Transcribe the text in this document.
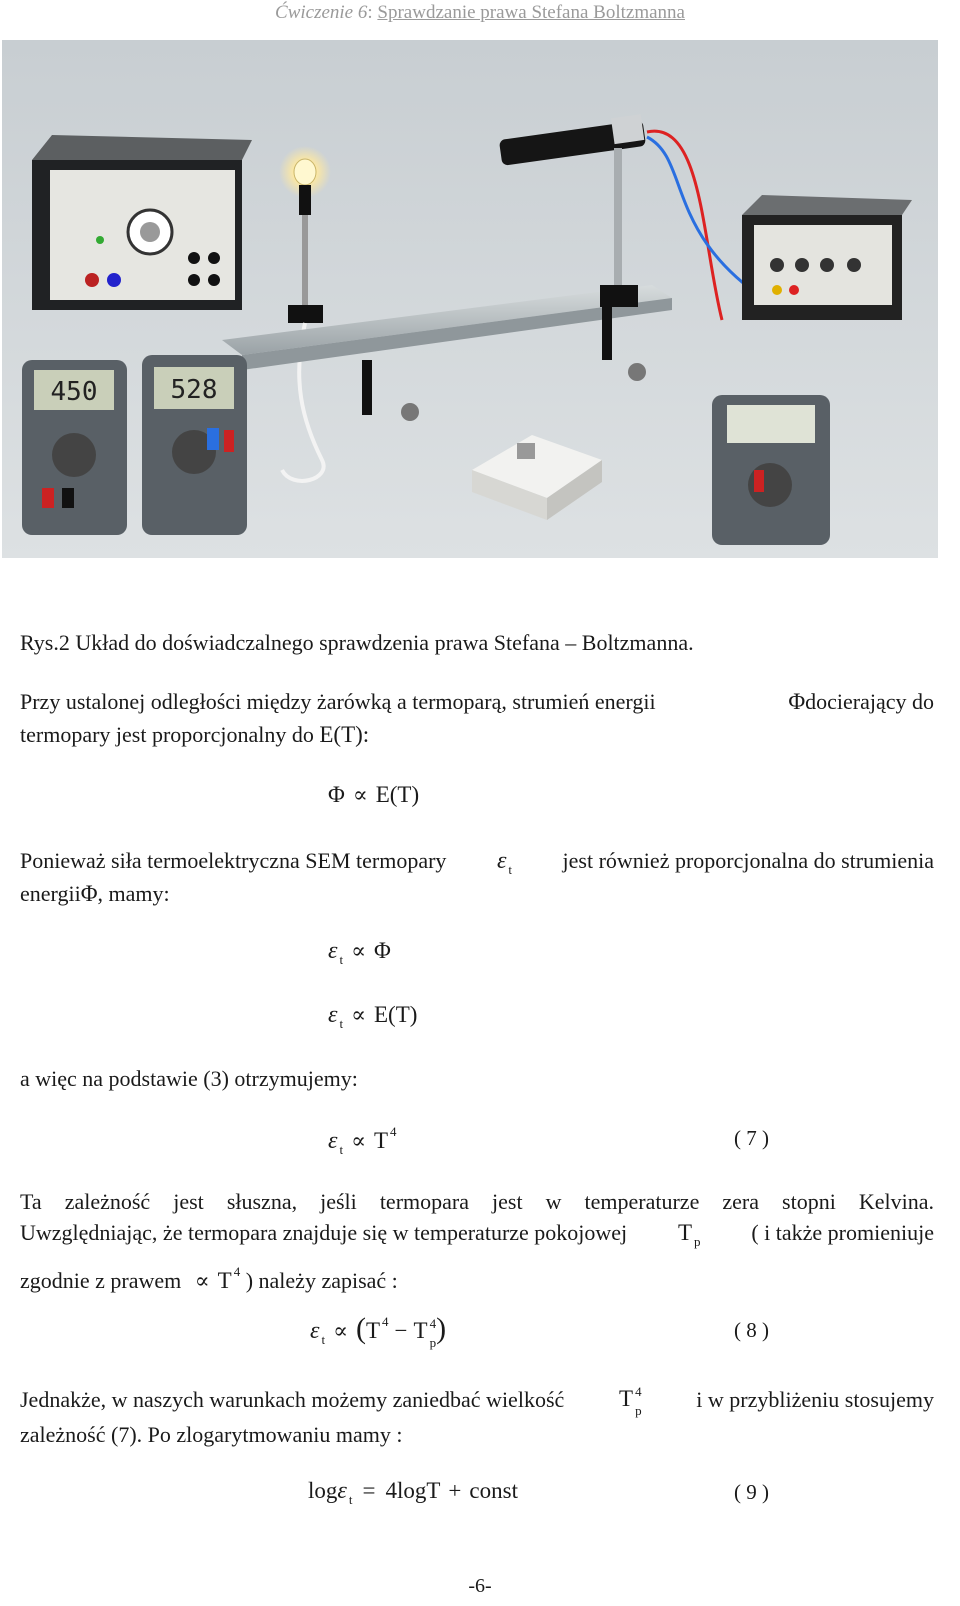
Ćwiczenie 6: Sprawdzanie prawa Stefana Boltzmanna
450	528
Rys.2 Układ do doświadczalnego sprawdzenia prawa Stefana – Boltzmanna.
Przy ustalonej odległości między żarówką a termoparą, strumień energii	Φdocierający do
termopary jest proporcjonalny do E(T):
Φ ∝ E(T)
Ponieważ siła termoelektryczna SEM termopary ε $_t$ jest również proporcjonalna do strumienia
energiiΦ, mamy:
ε $_t$ ∝ Φ
ε $_t$ ∝ E(T)
a więc na podstawie (3) otrzymujemy:
ε $_t$ ∝ T $^4$	( 7 )
Ta zależność jest słuszna, jeśli termopara jest w temperaturze zera stopni Kelvina.
Uwzględniając, że termopara znajduje się w temperaturze pokojowej T $_p$ ( i także promieniuje
zgodnie z prawem ∝ T $^4$ ) należy zapisać :
ε $_t$ ∝ (T $^4$ − T 4
p )	( 8 )
Jednakże, w naszych warunkach możemy zaniedbać wielkość T 4
p i w przybliżeniu stosujemy
zależność (7). Po zlogarytmowaniu mamy :
logε $_t$ = 4logT + const	( 9 )
-6-
